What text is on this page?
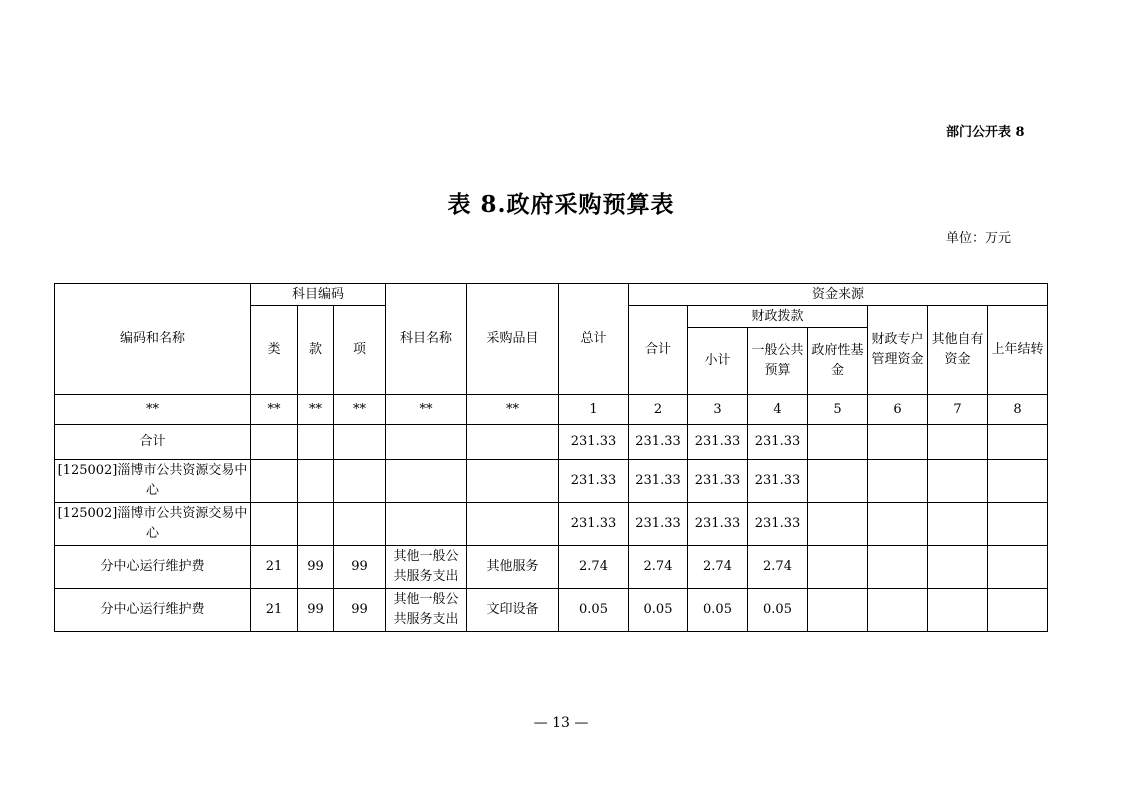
部门公开表 8
表 8.政府采购预算表
单位：万元
编码和名称	科目编码			科目名称	采购品目	总计	资金来源						
	类	款	项				合计	财政拨款			财政专户管理资金	其他自有资金	上年结转
								小计	一般公共预算	政府性基金			
**	**	**	**	**	**	1	2	3	4	5	6	7	8
合计						231.33	231.33	231.33	231.33				
[125002]淄博市公共资源交易中心						231.33	231.33	231.33	231.33				
[125002]淄博市公共资源交易中心						231.33	231.33	231.33	231.33				
分中心运行维护费	21	99	99	其他一般公共服务支出	其他服务	2.74	2.74	2.74	2.74				
分中心运行维护费	21	99	99	其他一般公共服务支出	文印设备	0.05	0.05	0.05	0.05				
— 13 —
